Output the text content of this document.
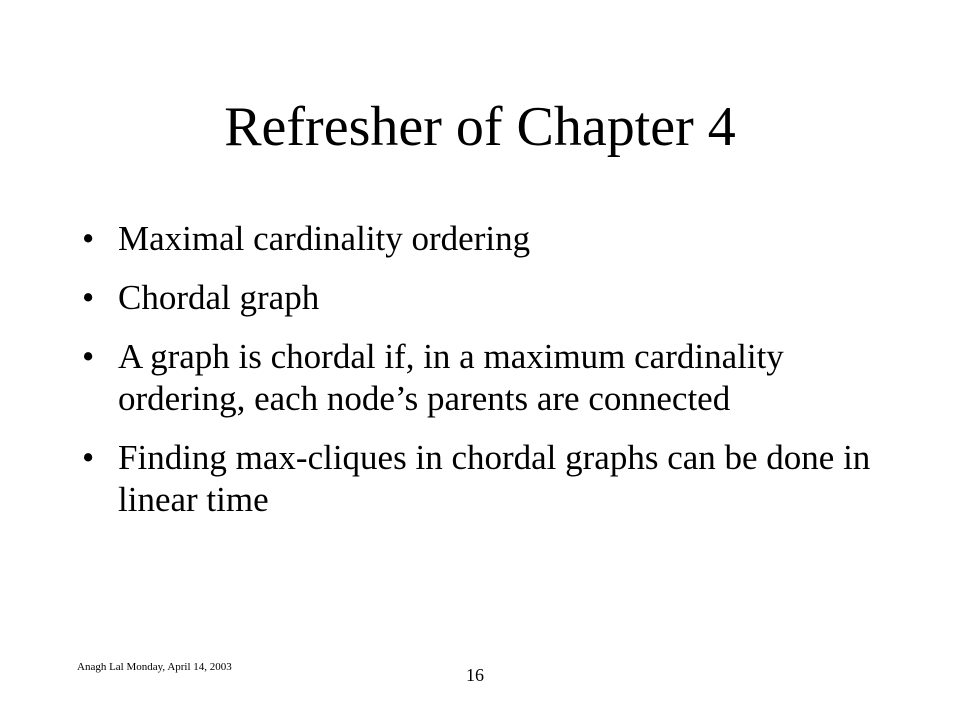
Refresher of Chapter 4
• Maximal cardinality ordering
• Chordal graph
• A graph is chordal if, in a maximum cardinality ordering, each node’s parents are connected
• Finding max-cliques in chordal graphs can be done in linear time
Anagh Lal Monday, April 14, 2003	16
